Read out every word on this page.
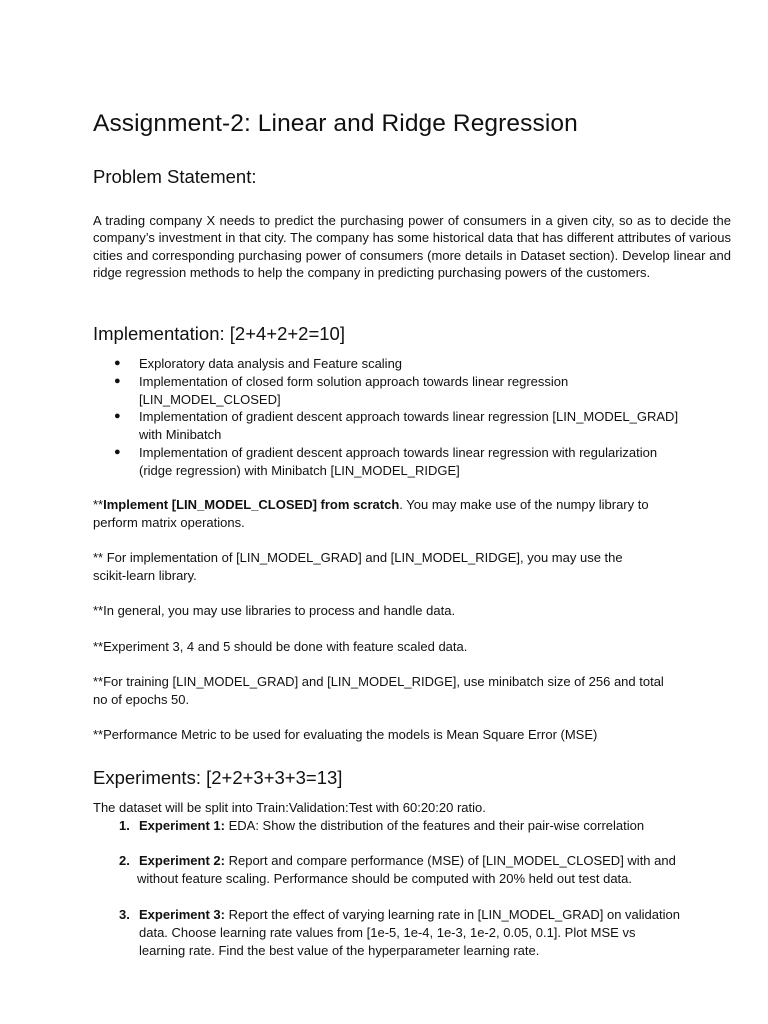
Assignment-2: Linear and Ridge Regression
Problem Statement:

A trading company X needs to predict the purchasing power of consumers in a given city, so as to decide the company’s investment in that city. The company has some historical data that has different attributes of various cities and corresponding purchasing power of consumers (more details in Dataset section). Develop linear and ridge regression methods to help the company in predicting purchasing powers of the customers.

Implementation: [2+4+2+2=10]
● Exploratory data analysis and Feature scaling
● Implementation of closed form solution approach towards linear regression
[LIN_MODEL_CLOSED]
● Implementation of gradient descent approach towards linear regression [LIN_MODEL_GRAD]
with Minibatch
● Implementation of gradient descent approach towards linear regression with regularization
(ridge regression) with Minibatch [LIN_MODEL_RIDGE]

**Implement [LIN_MODEL_CLOSED] from scratch. You may make use of the numpy library to
perform matrix operations.

** For implementation of [LIN_MODEL_GRAD] and [LIN_MODEL_RIDGE], you may use the
scikit-learn library.

**In general, you may use libraries to process and handle data.

**Experiment 3, 4 and 5 should be done with feature scaled data.

**For training [LIN_MODEL_GRAD] and [LIN_MODEL_RIDGE], use minibatch size of 256 and total
no of epochs 50.

**Performance Metric to be used for evaluating the models is Mean Square Error (MSE)

Experiments: [2+2+3+3+3=13]

The dataset will be split into Train:Validation:Test with 60:20:20 ratio.

1. Experiment 1: EDA: Show the distribution of the features and their pair-wise correlation
2. Experiment 2: Report and compare performance (MSE) of [LIN_MODEL_CLOSED] with and
without feature scaling. Performance should be computed with 20% held out test data.
3. Experiment 3: Report the effect of varying learning rate in [LIN_MODEL_GRAD] on validation
data. Choose learning rate values from [1e-5, 1e-4, 1e-3, 1e-2, 0.05, 0.1]. Plot MSE vs
learning rate. Find the best value of the hyperparameter learning rate.
